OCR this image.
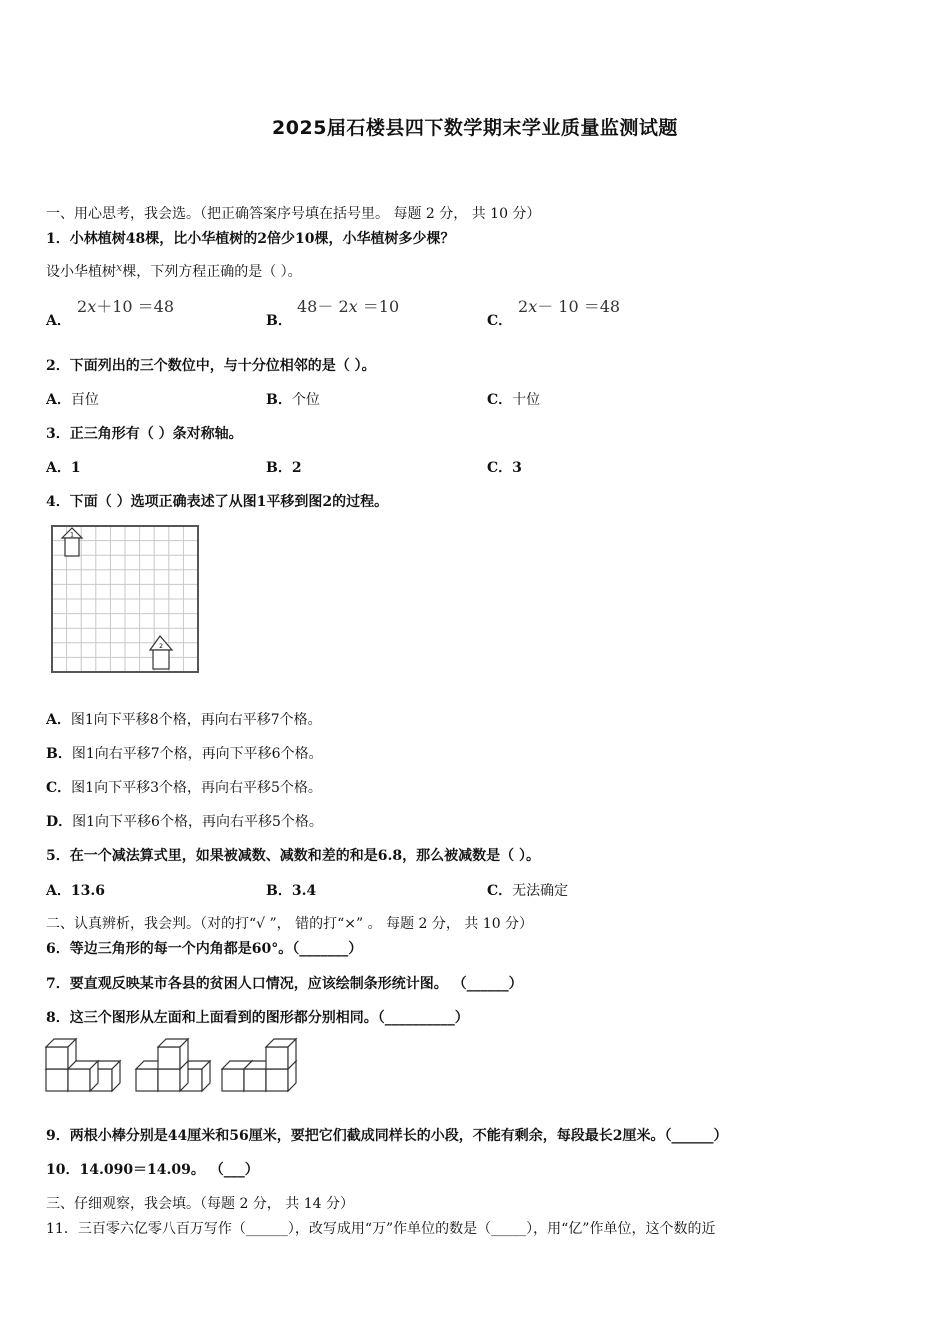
2025届石楼县四下数学期末学业质量监测试题
一、用心思考，我会选。（把正确答案序号填在括号里。 每题 2 分， 共 10 分）
1．小林植树48棵，比小华植树的2倍少10棵，小华植树多少棵？
设小华植树$^x$棵，下列方程正确的是（ ）。
A．
2x＋10 ＝48
B．
48－ 2x ＝10
C．
2x－ 10 ＝48
2．下面列出的三个数位中，与十分位相邻的是（ ）。
A．百位	B．个位	C．十位
3．正三角形有（ ）条对称轴。
A．1	B．2	C．3
4．下面（ ）选项正确表述了从图1平移到图2的过程。
1
2
A．图1向下平移8个格，再向右平移7个格。
B．图1向右平移7个格，再向下平移6个格。
C．图1向下平移3个格，再向右平移5个格。
D．图1向下平移6个格，再向右平移5个格。
5．在一个减法算式里，如果被减数、减数和差的和是6.8，那么被减数是（ ）。
A．13.6	B．3.4	C．无法确定
二、认真辨析，我会判。（对的打“√ ”， 错的打“×” 。 每题 2 分， 共 10 分）
6．等边三角形的每一个内角都是60°。（_______）
7．要直观反映某市各县的贫困人口情况，应该绘制条形统计图。 （______）
8．这三个图形从左面和上面看到的图形都分别相同。（__________）
9．两根小棒分别是44厘米和56厘米，要把它们截成同样长的小段，不能有剩余，每段最长2厘米。（______）
10．14.090＝14.09。 （___）
三、仔细观察，我会填。（每题 2 分， 共 14 分）
11．三百零六亿零八百万写作（______），改写成用“万”作单位的数是（_____），用“亿”作单位，这个数的近
